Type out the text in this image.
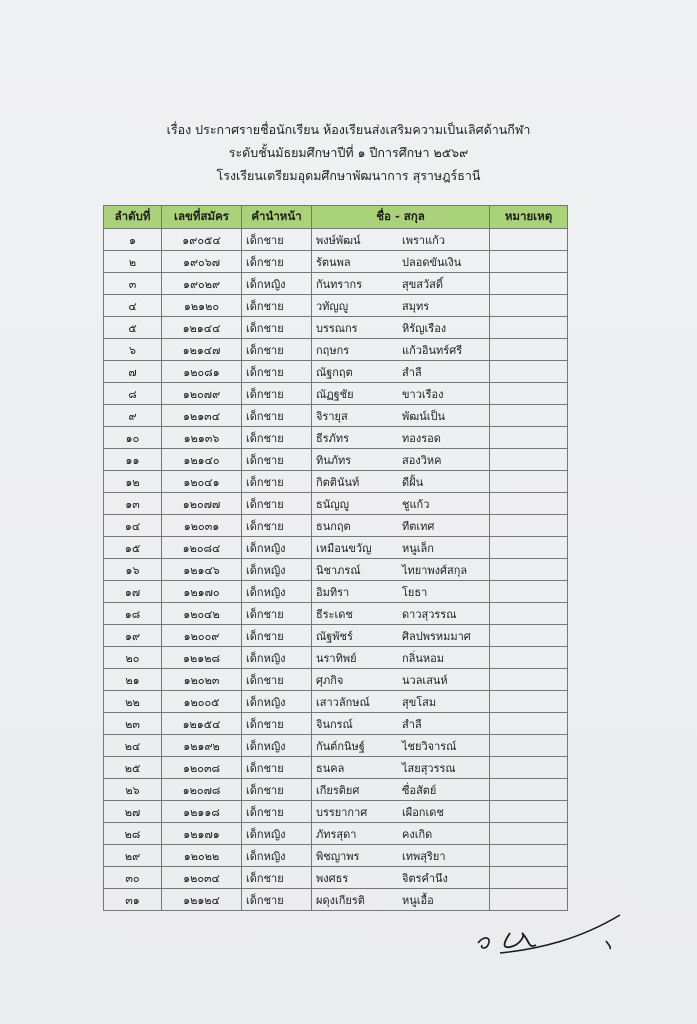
เรื่อง ประกาศรายชื่อนักเรียน ห้องเรียนส่งเสริมความเป็นเลิศด้านกีฬา
ระดับชั้นมัธยมศึกษาปีที่ ๑ ปีการศึกษา ๒๕๖๙
โรงเรียนเตรียมอุดมศึกษาพัฒนาการ สุราษฎร์ธานี
ลำดับที่	เลขที่สมัคร	คำนำหน้า	ชื่อ - สกุล	หมายเหตุ
๑	๑๙๐๕๔	เด็กชาย	พงษ์พัฒน์ เพราแก้ว	
๒	๑๙๐๖๗	เด็กชาย	รัตนพล ปลอดขันเงิน	
๓	๑๙๐๒๙	เด็กหญิง	กันทรากร สุขสวัสดิ์	
๔	๑๒๑๒๐	เด็กชาย	วทัญญู สมุทร	
๕	๑๒๑๔๔	เด็กชาย	บรรณกร หิรัญเรือง	
๖	๑๒๑๔๗	เด็กชาย	กฤษกร แก้วอินทร์ศรี	
๗	๑๒๐๘๑	เด็กชาย	ณัฐกฤต สำลี	
๘	๑๒๐๗๙	เด็กชาย	ณัฏฐชัย ขาวเรือง	
๙	๑๒๑๓๔	เด็กชาย	จิรายุส พัฒน์เป็น	
๑๐	๑๒๑๓๖	เด็กชาย	ธีรภัทร ทองรอด	
๑๑	๑๒๑๔๐	เด็กชาย	ทินภัทร สองวิหค	
๑๒	๑๒๐๔๑	เด็กชาย	กิตตินันท์ ดีฝั้น	
๑๓	๑๒๐๗๗	เด็กชาย	ธนัญญู ชูแก้ว	
๑๔	๑๒๐๓๑	เด็กชาย	ธนกฤต ทีตเทศ	
๑๕	๑๒๐๘๔	เด็กหญิง	เหมือนขวัญ หนูเล็ก	
๑๖	๑๒๑๔๖	เด็กหญิง	นิชาภรณ์ ไทยาพงศ์สกุล	
๑๗	๑๒๑๗๐	เด็กหญิง	อิมทิรา โยธา	
๑๘	๑๒๐๔๒	เด็กชาย	ธีระเดช ดาวสุวรรณ	
๑๙	๑๒๐๐๙	เด็กชาย	ณัฐพัชร์ ศิลปพรหมมาศ	
๒๐	๑๒๑๒๘	เด็กหญิง	นราทิพย์ กลิ่นหอม	
๒๑	๑๒๐๒๓	เด็กชาย	ศุภกิจ นวลเสนห์	
๒๒	๑๒๐๐๕	เด็กหญิง	เสาวลักษณ์ สุขโสม	
๒๓	๑๒๑๕๔	เด็กชาย	จินกรณ์ สำลี	
๒๔	๑๒๑๙๒	เด็กหญิง	กันต์กนิษฐ์ ไชยวิจารณ์	
๒๕	๑๒๐๓๘	เด็กชาย	ธนคล ไสยสุวรรณ	
๒๖	๑๒๐๗๘	เด็กชาย	เกียรติยศ ซื่อสัตย์	
๒๗	๑๒๑๑๘	เด็กชาย	บรรยากาศ เผือกเดช	
๒๘	๑๒๑๗๑	เด็กหญิง	ภัทรสุดา คงเกิด	
๒๙	๑๒๐๒๒	เด็กหญิง	พิชญาพร เทพสุริยา	
๓๐	๑๒๐๓๔	เด็กชาย	พงศธร จิตรคำนึง	
๓๑	๑๒๑๒๔	เด็กชาย	ผดุงเกียรติ หนูเอื้อ	
